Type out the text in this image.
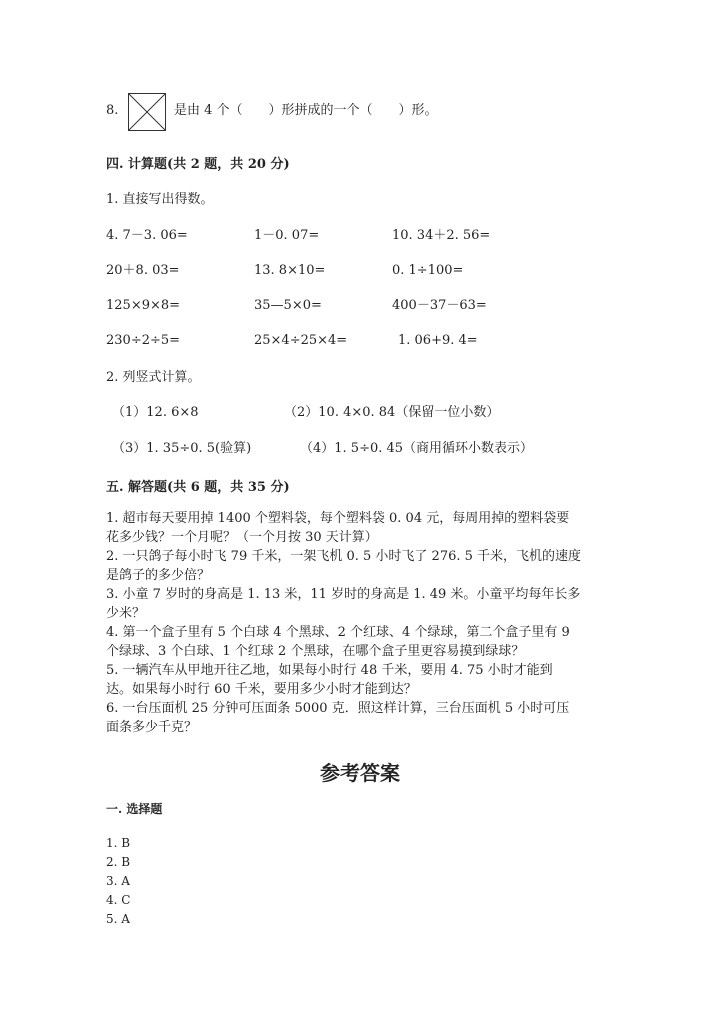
8.	是由 4 个（　　）形拼成的一个（　　）形。
四. 计算题(共 2 题，共 20 分)
1. 直接写出得数。
4. 7－3. 06=	1－0. 07=	10. 34＋2. 56=
20＋8. 03=	13. 8×10=	0. 1÷100=
125×9×8=	35—5×0=	400－37－63=
230÷2÷5=	25×4÷25×4=	1. 06+9. 4=
2. 列竖式计算。
（1）12. 6×8	（2）10. 4×0. 84（保留一位小数）
（3）1. 35÷0. 5(验算)	（4）1. 5÷0. 45（商用循环小数表示）
五. 解答题(共 6 题，共 35 分)
1. 超市每天要用掉 1400 个塑料袋，每个塑料袋 0. 04 元，每周用掉的塑料袋要
花多少钱？一个月呢？（一个月按 30 天计算）
2. 一只鸽子每小时飞 79 千米，一架飞机 0. 5 小时飞了 276. 5 千米，飞机的速度
是鸽子的多少倍？
3. 小童 7 岁时的身高是 1. 13 米，11 岁时的身高是 1. 49 米。小童平均每年长多
少米？
4. 第一个盒子里有 5 个白球 4 个黑球、2 个红球、4 个绿球，第二个盒子里有 9
个绿球、3 个白球、1 个红球 2 个黑球，在哪个盒子里更容易摸到绿球？
5. 一辆汽车从甲地开往乙地，如果每小时行 48 千米，要用 4. 75 小时才能到
达。如果每小时行 60 千米，要用多少小时才能到达？
6. 一台压面机 25 分钟可压面条 5000 克．照这样计算，三台压面机 5 小时可压
面条多少千克？
参考答案
一. 选择题
1. B
2. B
3. A
4. C
5. A
